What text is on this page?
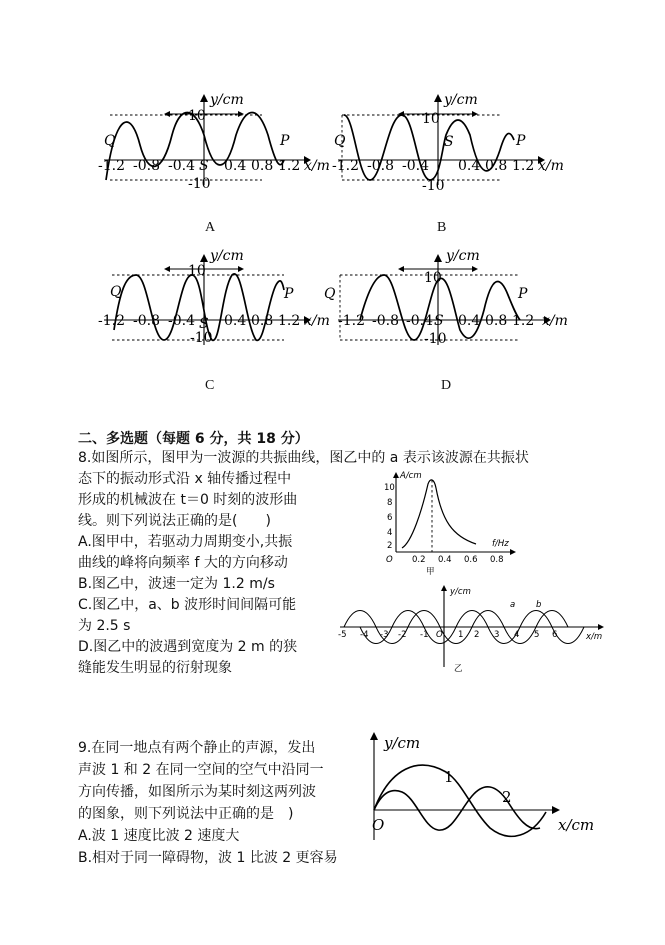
y/cm
10
-10
Q	P
S
-1.2 -0.8 -0.4 0.4 0.8 1.2 x/m
A
y/cm
10
-10
Q	P
S
-1.2 -0.8 -0.4 0.4 0.8 1.2 x/m
B
y/cm
10
-10
Q	P
S
-1.2 -0.8 -0.4 0.4 0.8 1.2 x/m
C
y/cm
10
-10
Q	P
S
-1.2 -0.8 -0.4 0.4 0.8 1.2 x/m
D
二、多选题（每题 6 分，共 18 分）
8.如图所示，图甲为一波源的共振曲线，图乙中的 a 表示该波源在共振状
态下的振动形式沿 x 轴传播过程中
形成的机械波在 t＝0 时刻的波形曲
线。则下列说法正确的是(　　)
A.图甲中，若驱动力周期变小,共振
曲线的峰将向频率 f 大的方向移动
B.图乙中，波速一定为 1.2 m/s
C.图乙中，a、b 波形时间间隔可能
为 2.5 s
D.图乙中的波遇到宽度为 2 m 的狭
缝能发生明显的衍射现象
A/cm
10
8
6
4
2
O 0.2 0.4 0.6 0.8
f/Hz
甲
y/cm
a b
O
-5 -4 -3 -2 -1	1 2 3 4 5 6	x/m
乙
9.在同一地点有两个静止的声源，发出
声波 1 和 2 在同一空间的空气中沿同一
方向传播，如图所示为某时刻这两列波
的图象，则下列说法中正确的是　)
A.波 1 速度比波 2 速度大
B.相对于同一障碍物，波 1 比波 2 更容易
y/cm
1
2
O	x/cm
